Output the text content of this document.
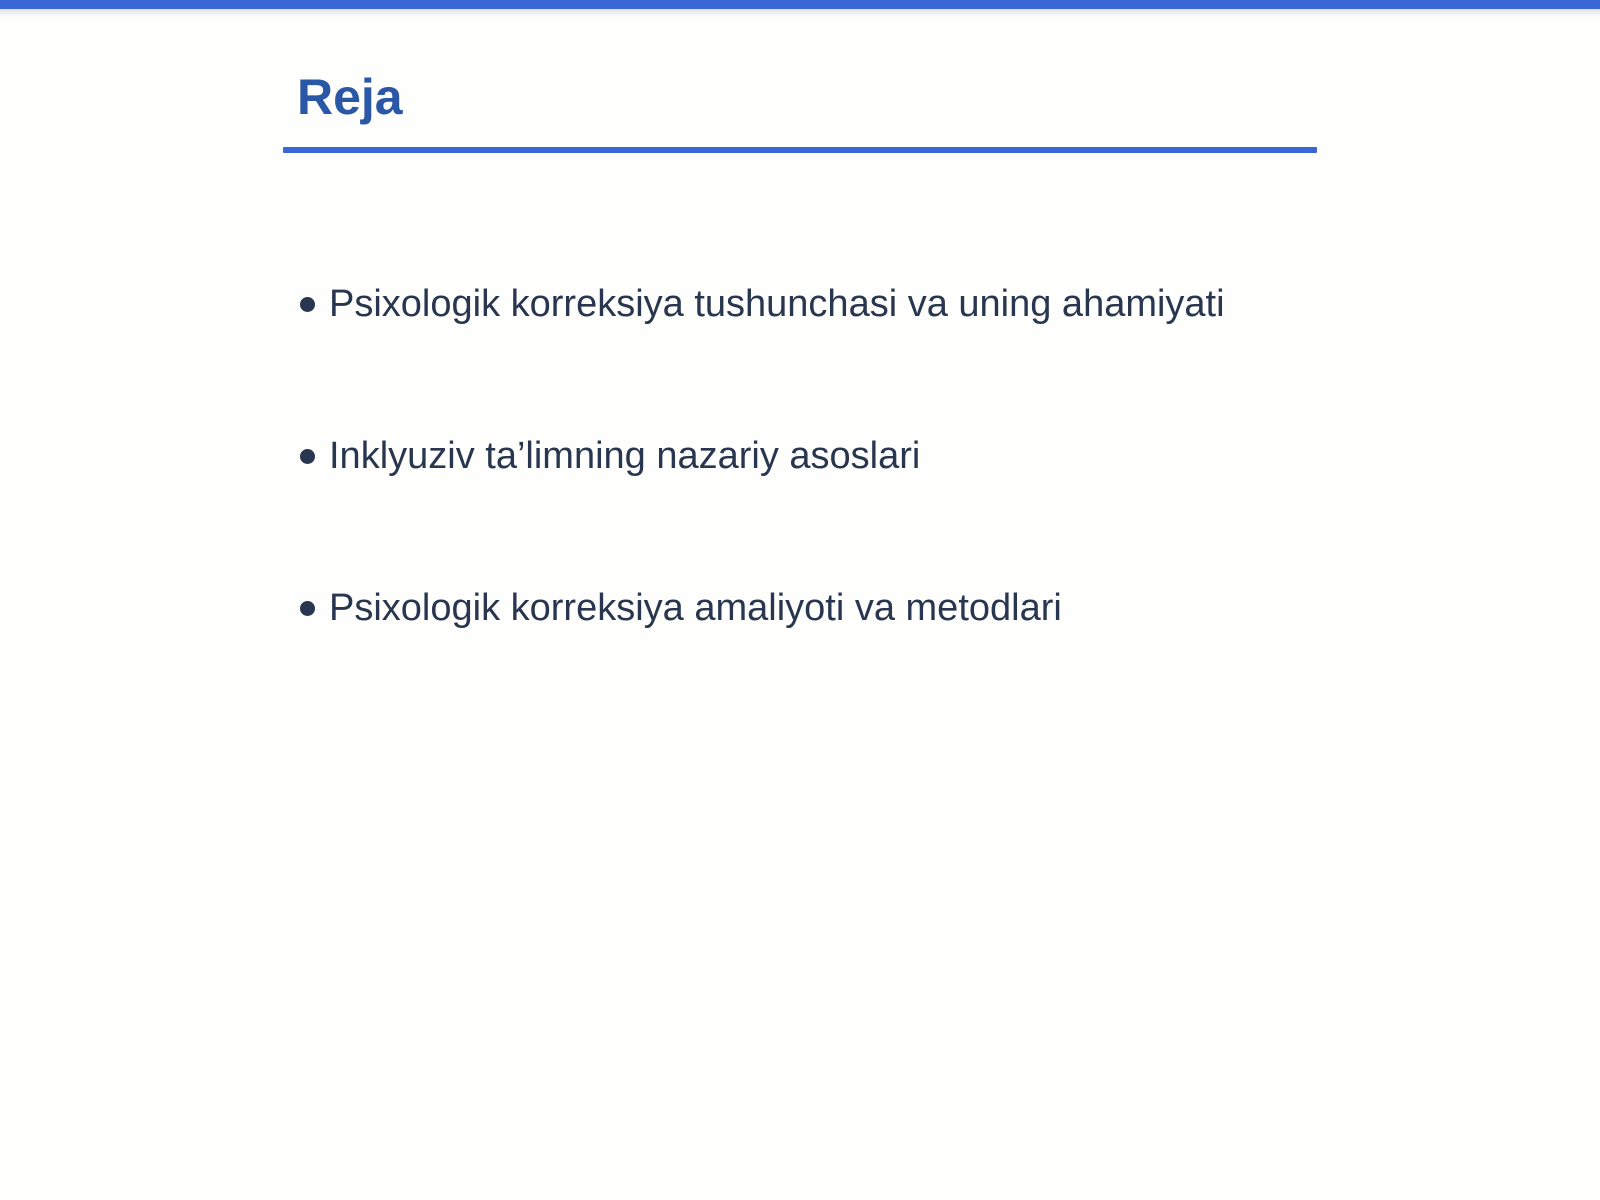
Reja
Psixologik korreksiya tushunchasi va uning ahamiyati
Inklyuziv ta’limning nazariy asoslari
Psixologik korreksiya amaliyoti va metodlari
